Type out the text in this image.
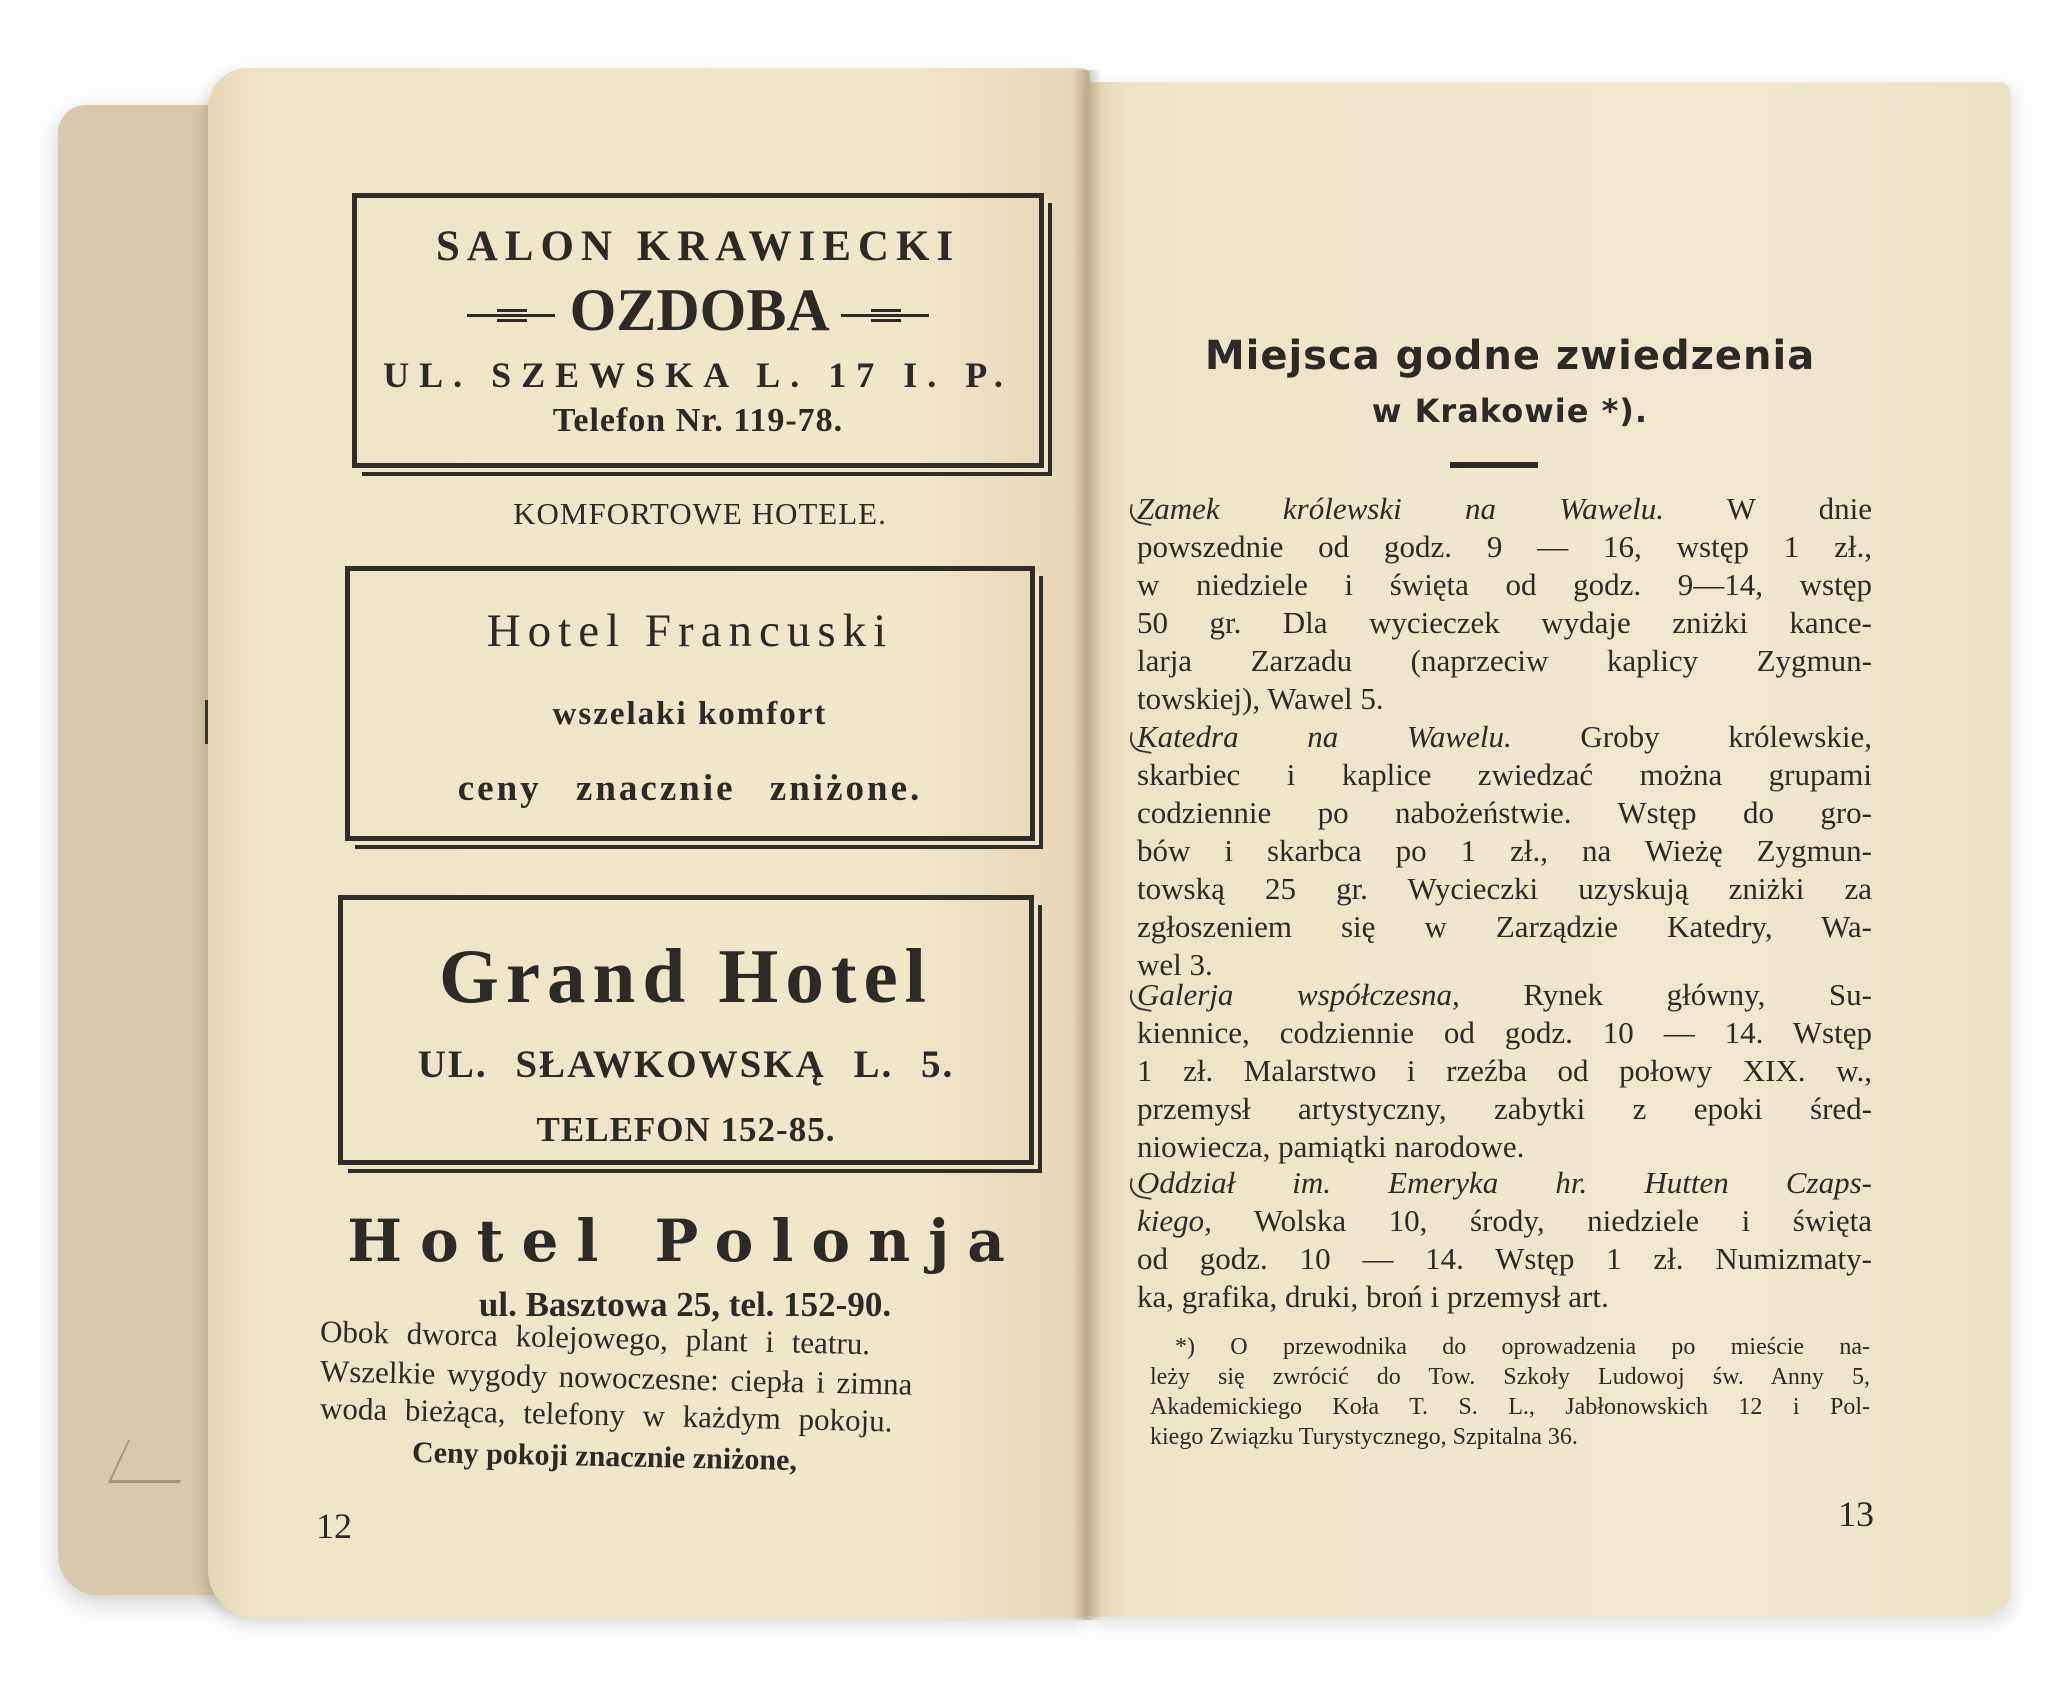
SALON KRAWIECKI
OZDOBA
UL. SZEWSKA L. 17 I. P.
Telefon Nr. 119-78.
KOMFORTOWE HOTELE.
Hotel Francuski
wszelaki komfort
ceny znacznie zniżone.
Grand Hotel
UL. SŁAWKOWSKĄ L. 5.
TELEFON 152-85.
Hotel Polonja
ul. Basztowa 25, tel. 152-90.
Obok dworca kolejowego, plant i teatru.
Wszelkie wygody nowoczesne: ciepła i zimna
woda bieżąca, telefony w każdym pokoju.
Ceny pokoji znacznie zniżone,
12
Miejsca godne zwiedzenia
w Krakowie *).
Zamek królewski na Wawelu. W dnie
powszednie od godz. 9 — 16, wstęp 1 zł.,
w niedziele i święta od godz. 9—14, wstęp
50 gr. Dla wycieczek wydaje zniżki kance-
larja Zarzadu (naprzeciw kaplicy Zygmun-
towskiej), Wawel 5.
Katedra na Wawelu. Groby królewskie,
skarbiec i kaplice zwiedzać można grupami
codziennie po nabożeństwie. Wstęp do gro-
bów i skarbca po 1 zł., na Wieżę Zygmun-
towską 25 gr. Wycieczki uzyskują zniżki za
zgłoszeniem się w Zarządzie Katedry, Wa-
wel 3.
Galerja współczesna, Rynek główny, Su-
kiennice, codziennie od godz. 10 — 14. Wstęp
1 zł. Malarstwo i rzeźba od połowy XIX. w.,
przemysł artystyczny, zabytki z epoki śred-
niowiecza, pamiątki narodowe.
Oddział im. Emeryka hr. Hutten Czaps-
kiego, Wolska 10, środy, niedziele i święta
od godz. 10 — 14. Wstęp 1 zł. Numizmaty-
ka, grafika, druki, broń i przemysł art.
*) O przewodnika do oprowadzenia po mieście na-
leży się zwrócić do Tow. Szkoły Ludowoj św. Anny 5,
Akademickiego Koła T. S. L., Jabłonowskich 12 i Pol-
kiego Związku Turystycznego, Szpitalna 36.
13
